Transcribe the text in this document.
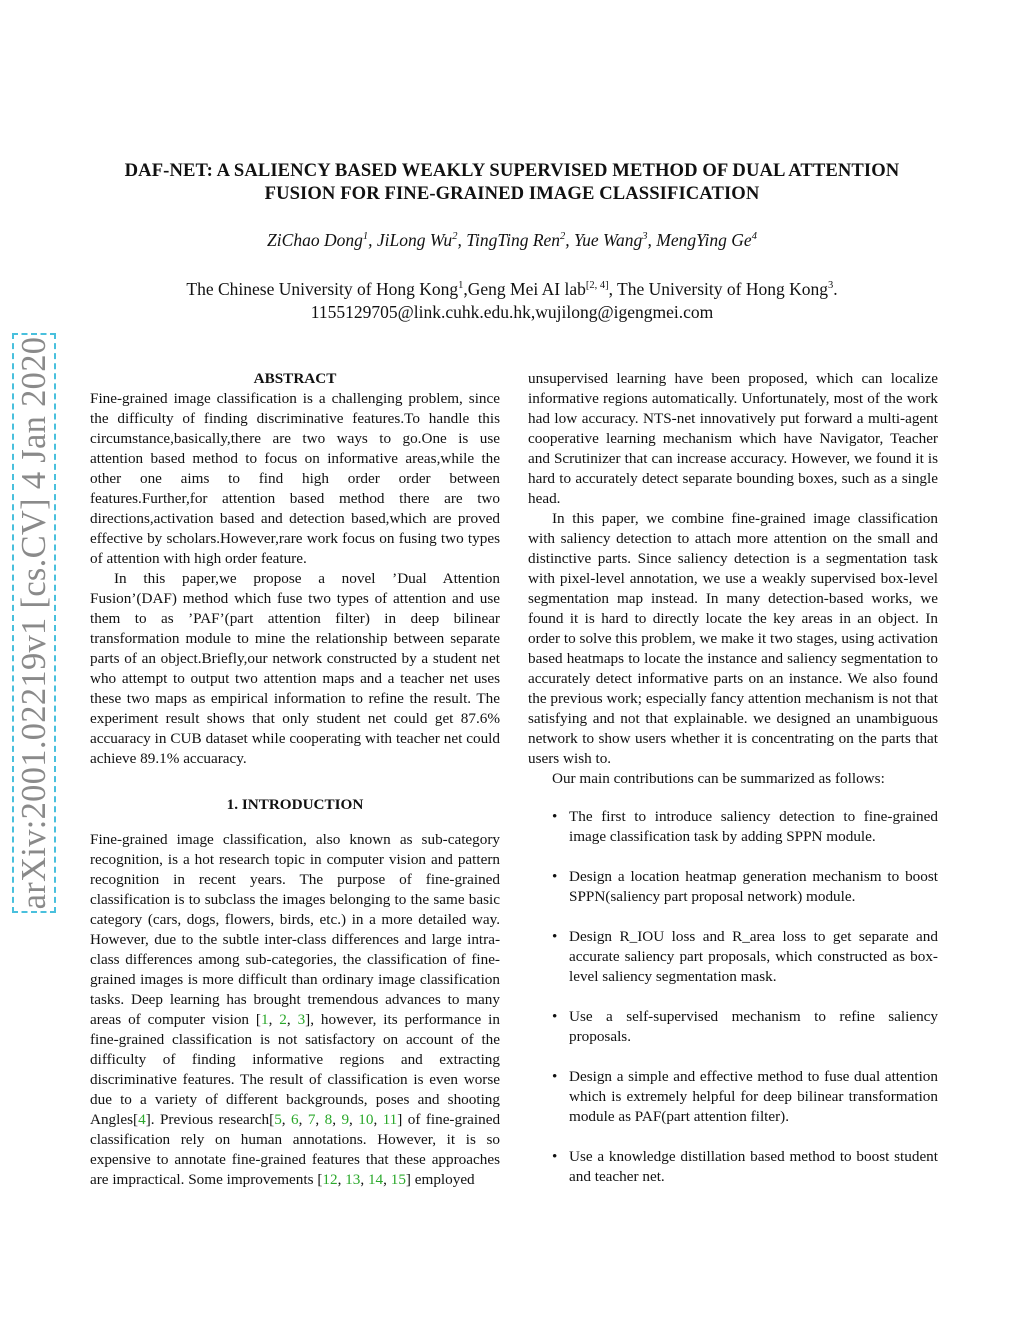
DAF-NET: A SALIENCY BASED WEAKLY SUPERVISED METHOD OF DUAL ATTENTION
FUSION FOR FINE-GRAINED IMAGE CLASSIFICATION
ZiChao Dong$^1$, JiLong Wu$^2$, TingTing Ren$^2$, Yue Wang$^3$, MengYing Ge$^4$
The Chinese University of Hong Kong$^1$,Geng Mei AI lab[2, 4], The University of Hong Kong$^3$.
1155129705@link.cuhk.edu.hk,wujilong@igengmei.com
arXiv:2001.02219v1 [cs.CV] 4 Jan 2020	ABSTRACT

Fine-grained image classification is a challenging problem, since the difficulty of finding discriminative features.To handle this circumstance,basically,there are two ways to go.One is use attention based method to focus on informative areas,while the other one aims to find high order order between features.Further,for attention based method there are two directions,activation based and detection based,which are proved effective by scholars.However,rare work focus on fusing two types of attention with high order feature.

In this paper,we propose a novel ’Dual Attention Fusion’(DAF) method which fuse two types of attention and use them to as ’PAF’(part attention filter) in deep bilinear transformation module to mine the relationship between separate parts of an object.Briefly,our network constructed by a student net who attempt to output two attention maps and a teacher net uses these two maps as empirical information to refine the result. The experiment result shows that only student net could get 87.6% accuaracy in CUB dataset while cooperating with teacher net could achieve 89.1% accuaracy.

1. INTRODUCTION

Fine-grained image classification, also known as sub-category recognition, is a hot research topic in computer vision and pattern recognition in recent years. The purpose of fine-grained classification is to subclass the images belonging to the same basic category (cars, dogs, flowers, birds, etc.) in a more detailed way. However, due to the subtle inter-class differences and large intra-class differences among sub-categories, the classification of fine-grained images is more difficult than ordinary image classification tasks. Deep learning has brought tremendous advances to many areas of computer vision [1, 2, 3], however, its performance in fine-grained classification is not satisfactory on account of the difficulty of finding informative regions and extracting discriminative features. The result of classification is even worse due to a variety of different backgrounds, poses and shooting Angles[4]. Previous research[5, 6, 7, 8, 9, 10, 11] of fine-grained classification rely on human annotations. However, it is so expensive to annotate fine-grained features that these approaches are impractical. Some improvements [12, 13, 14, 15] employed

unsupervised learning have been proposed, which can localize informative regions automatically. Unfortunately, most of the work had low accuracy. NTS-net innovatively put forward a multi-agent cooperative learning mechanism which have Navigator, Teacher and Scrutinizer that can increase accuracy. However, we found it is hard to accurately detect separate bounding boxes, such as a single head.

In this paper, we combine fine-grained image classification with saliency detection to attach more attention on the small and distinctive parts. Since saliency detection is a segmentation task with pixel-level annotation, we use a weakly supervised box-level segmentation map instead. In many detection-based works, we found it is hard to directly locate the key areas in an object. In order to solve this problem, we make it two stages, using activation based heatmaps to locate the instance and saliency segmentation to accurately detect informative parts on an instance. We also found the previous work; especially fancy attention mechanism is not that satisfying and not that explainable. we designed an unambiguous network to show users whether it is concentrating on the parts that users wish to.

Our main contributions can be summarized as follows:

• The first to introduce saliency detection to fine-grained image classification task by adding SPPN module.
• Design a location heatmap generation mechanism to boost SPPN(saliency part proposal network) module.
• Design R_IOU loss and R_area loss to get separate and accurate saliency part proposals, which constructed as box-level saliency segmentation mask.
• Use a self-supervised mechanism to refine saliency proposals.
• Design a simple and effective method to fuse dual attention which is extremely helpful for deep bilinear transformation module as PAF(part attention filter).
• Use a knowledge distillation based method to boost student and teacher net.
